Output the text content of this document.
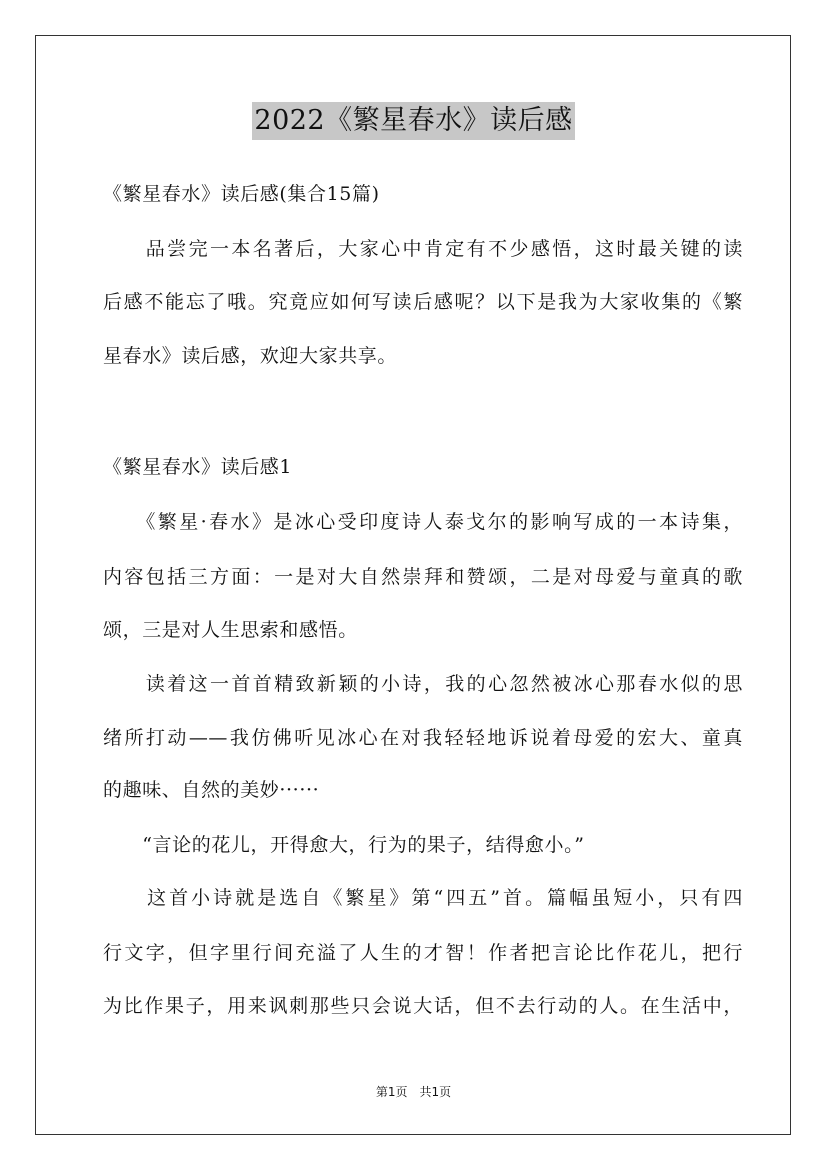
2022《繁星春水》读后感
《繁星春水》读后感(集合15篇)
　　品尝完一本名著后，大家心中肯定有不少感悟，这时最关键的读
后感不能忘了哦。究竟应如何写读后感呢？以下是我为大家收集的《繁
星春水》读后感，欢迎大家共享。
《繁星春水》读后感1
　　《繁星·春水》是冰心受印度诗人泰戈尔的影响写成的一本诗集，
内容包括三方面：一是对大自然崇拜和赞颂，二是对母爱与童真的歌
颂，三是对人生思索和感悟。
　　读着这一首首精致新颖的小诗，我的心忽然被冰心那春水似的思
绪所打动——我仿佛听见冰心在对我轻轻地诉说着母爱的宏大、童真
的趣味、自然的美妙······
　　“言论的花儿，开得愈大，行为的果子，结得愈小。”
　　这首小诗就是选自《繁星》第“四五”首。篇幅虽短小，只有四
行文字，但字里行间充溢了人生的才智！作者把言论比作花儿，把行
为比作果子，用来讽刺那些只会说大话，但不去行动的人。在生活中，
第1页　共1页
